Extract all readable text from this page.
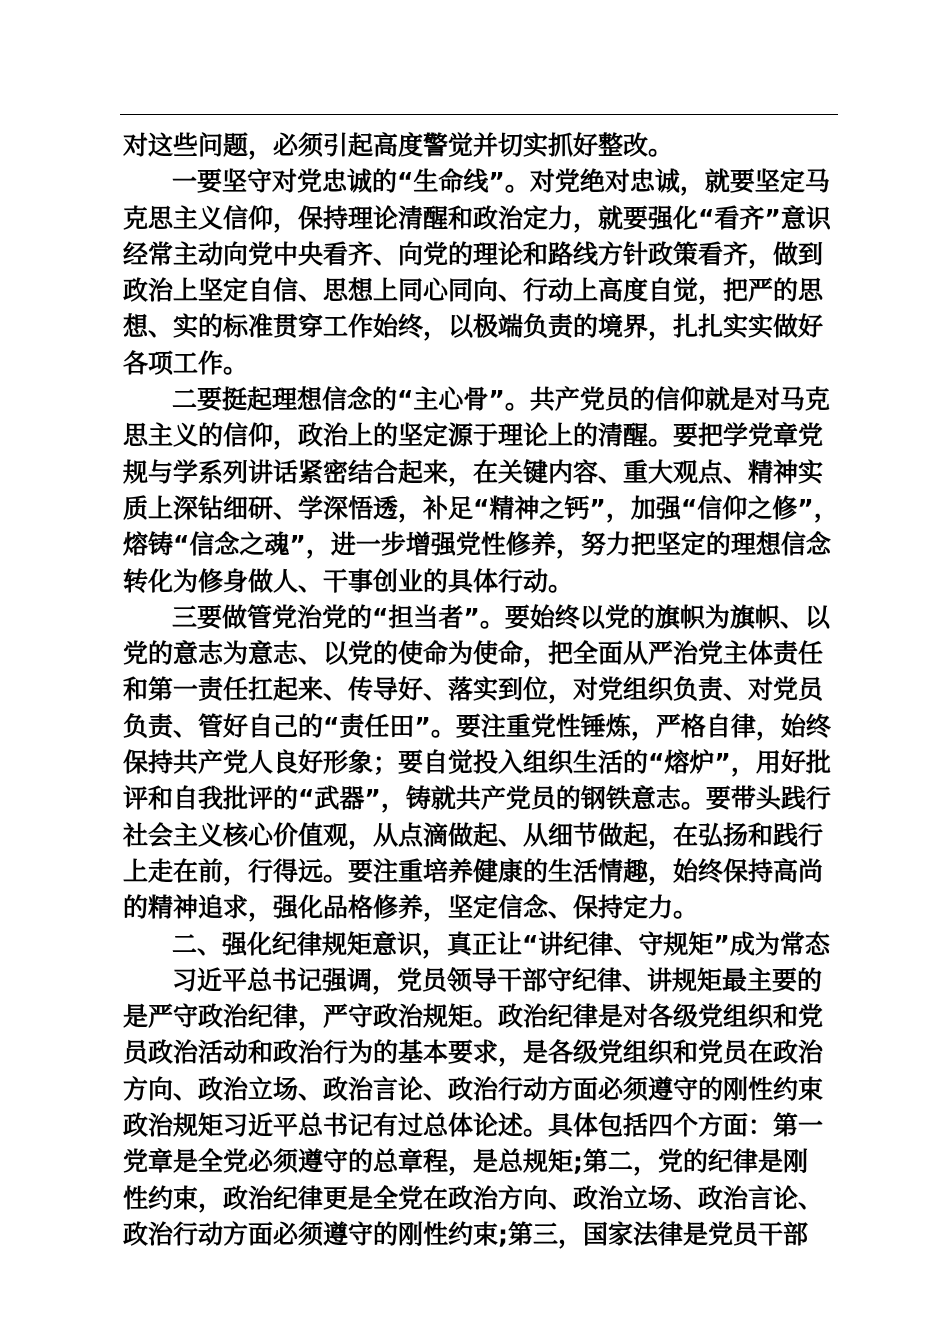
对这些问题，必须引起高度警觉并切实抓好整改。
一要坚守对党忠诚的“生命线”。对党绝对忠诚，就要坚定马
克思主义信仰，保持理论清醒和政治定力，就要强化“看齐”意识
经常主动向党中央看齐、向党的理论和路线方针政策看齐，做到
政治上坚定自信、思想上同心同向、行动上高度自觉，把严的思
想、实的标准贯穿工作始终，以极端负责的境界，扎扎实实做好
各项工作。
二要挺起理想信念的“主心骨”。共产党员的信仰就是对马克
思主义的信仰，政治上的坚定源于理论上的清醒。要把学党章党
规与学系列讲话紧密结合起来，在关键内容、重大观点、精神实
质上深钻细研、学深悟透，补足“精神之钙”，加强“信仰之修”，
熔铸“信念之魂”，进一步增强党性修养，努力把坚定的理想信念
转化为修身做人、干事创业的具体行动。
三要做管党治党的“担当者”。要始终以党的旗帜为旗帜、以
党的意志为意志、以党的使命为使命，把全面从严治党主体责任
和第一责任扛起来、传导好、落实到位，对党组织负责、对党员
负责、管好自己的“责任田”。要注重党性锤炼，严格自律，始终
保持共产党人良好形象；要自觉投入组织生活的“熔炉”，用好批
评和自我批评的“武器”，铸就共产党员的钢铁意志。要带头践行
社会主义核心价值观，从点滴做起、从细节做起，在弘扬和践行
上走在前，行得远。要注重培养健康的生活情趣，始终保持高尚
的精神追求，强化品格修养，坚定信念、保持定力。
二、强化纪律规矩意识，真正让“讲纪律、守规矩”成为常态
习近平总书记强调，党员领导干部守纪律、讲规矩最主要的
是严守政治纪律，严守政治规矩。政治纪律是对各级党组织和党
员政治活动和政治行为的基本要求，是各级党组织和党员在政治
方向、政治立场、政治言论、政治行动方面必须遵守的刚性约束
政治规矩习近平总书记有过总体论述。具体包括四个方面：第一
党章是全党必须遵守的总章程，是总规矩;第二，党的纪律是刚
性约束，政治纪律更是全党在政治方向、政治立场、政治言论、
政治行动方面必须遵守的刚性约束;第三，国家法律是党员干部
